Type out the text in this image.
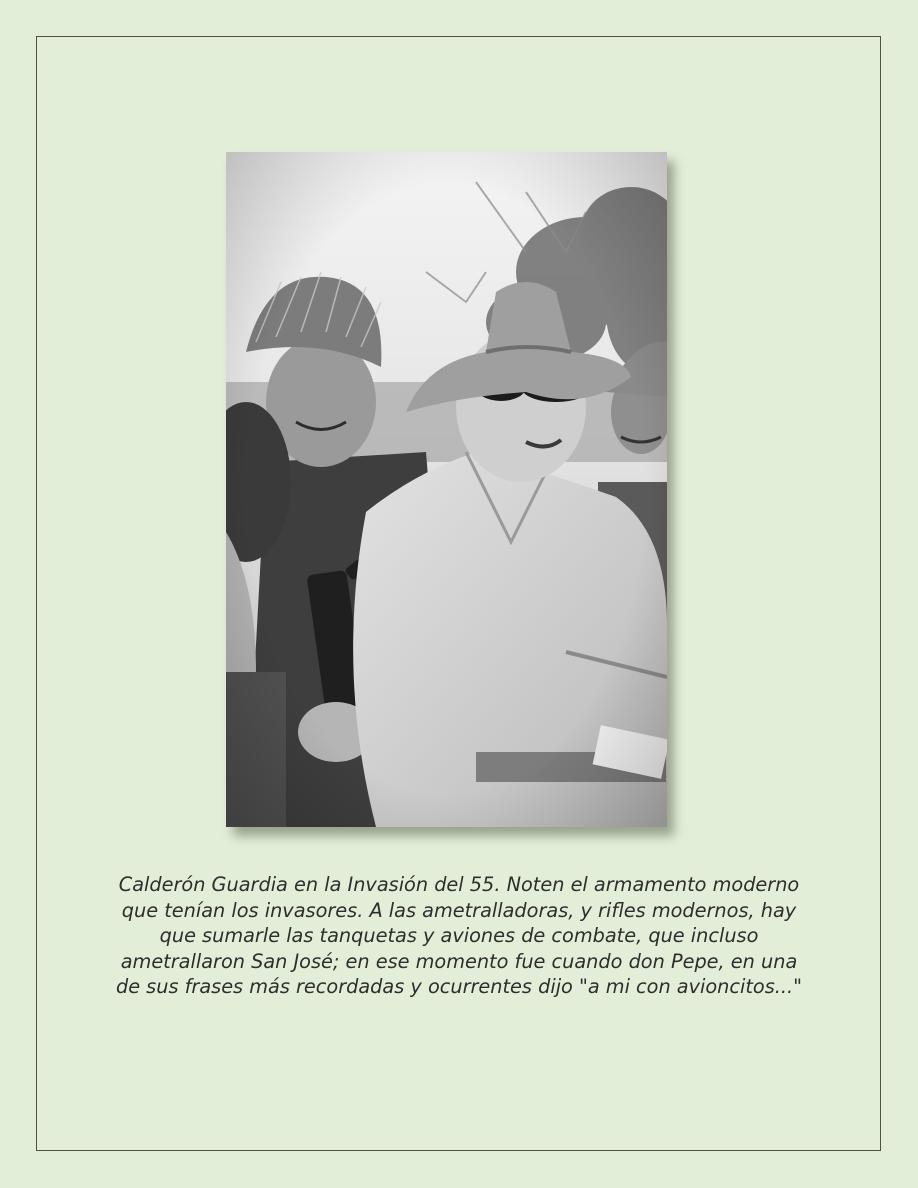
Calderón Guardia en la Invasión del 55. Noten el armamento moderno que tenían los invasores. A las ametralladoras, y rifles modernos, hay que sumarle las tanquetas y aviones de combate, que incluso ametrallaron San José; en ese momento fue cuando don Pepe, en una de sus frases más recordadas y ocurrentes dijo "a mi con avioncitos..."
